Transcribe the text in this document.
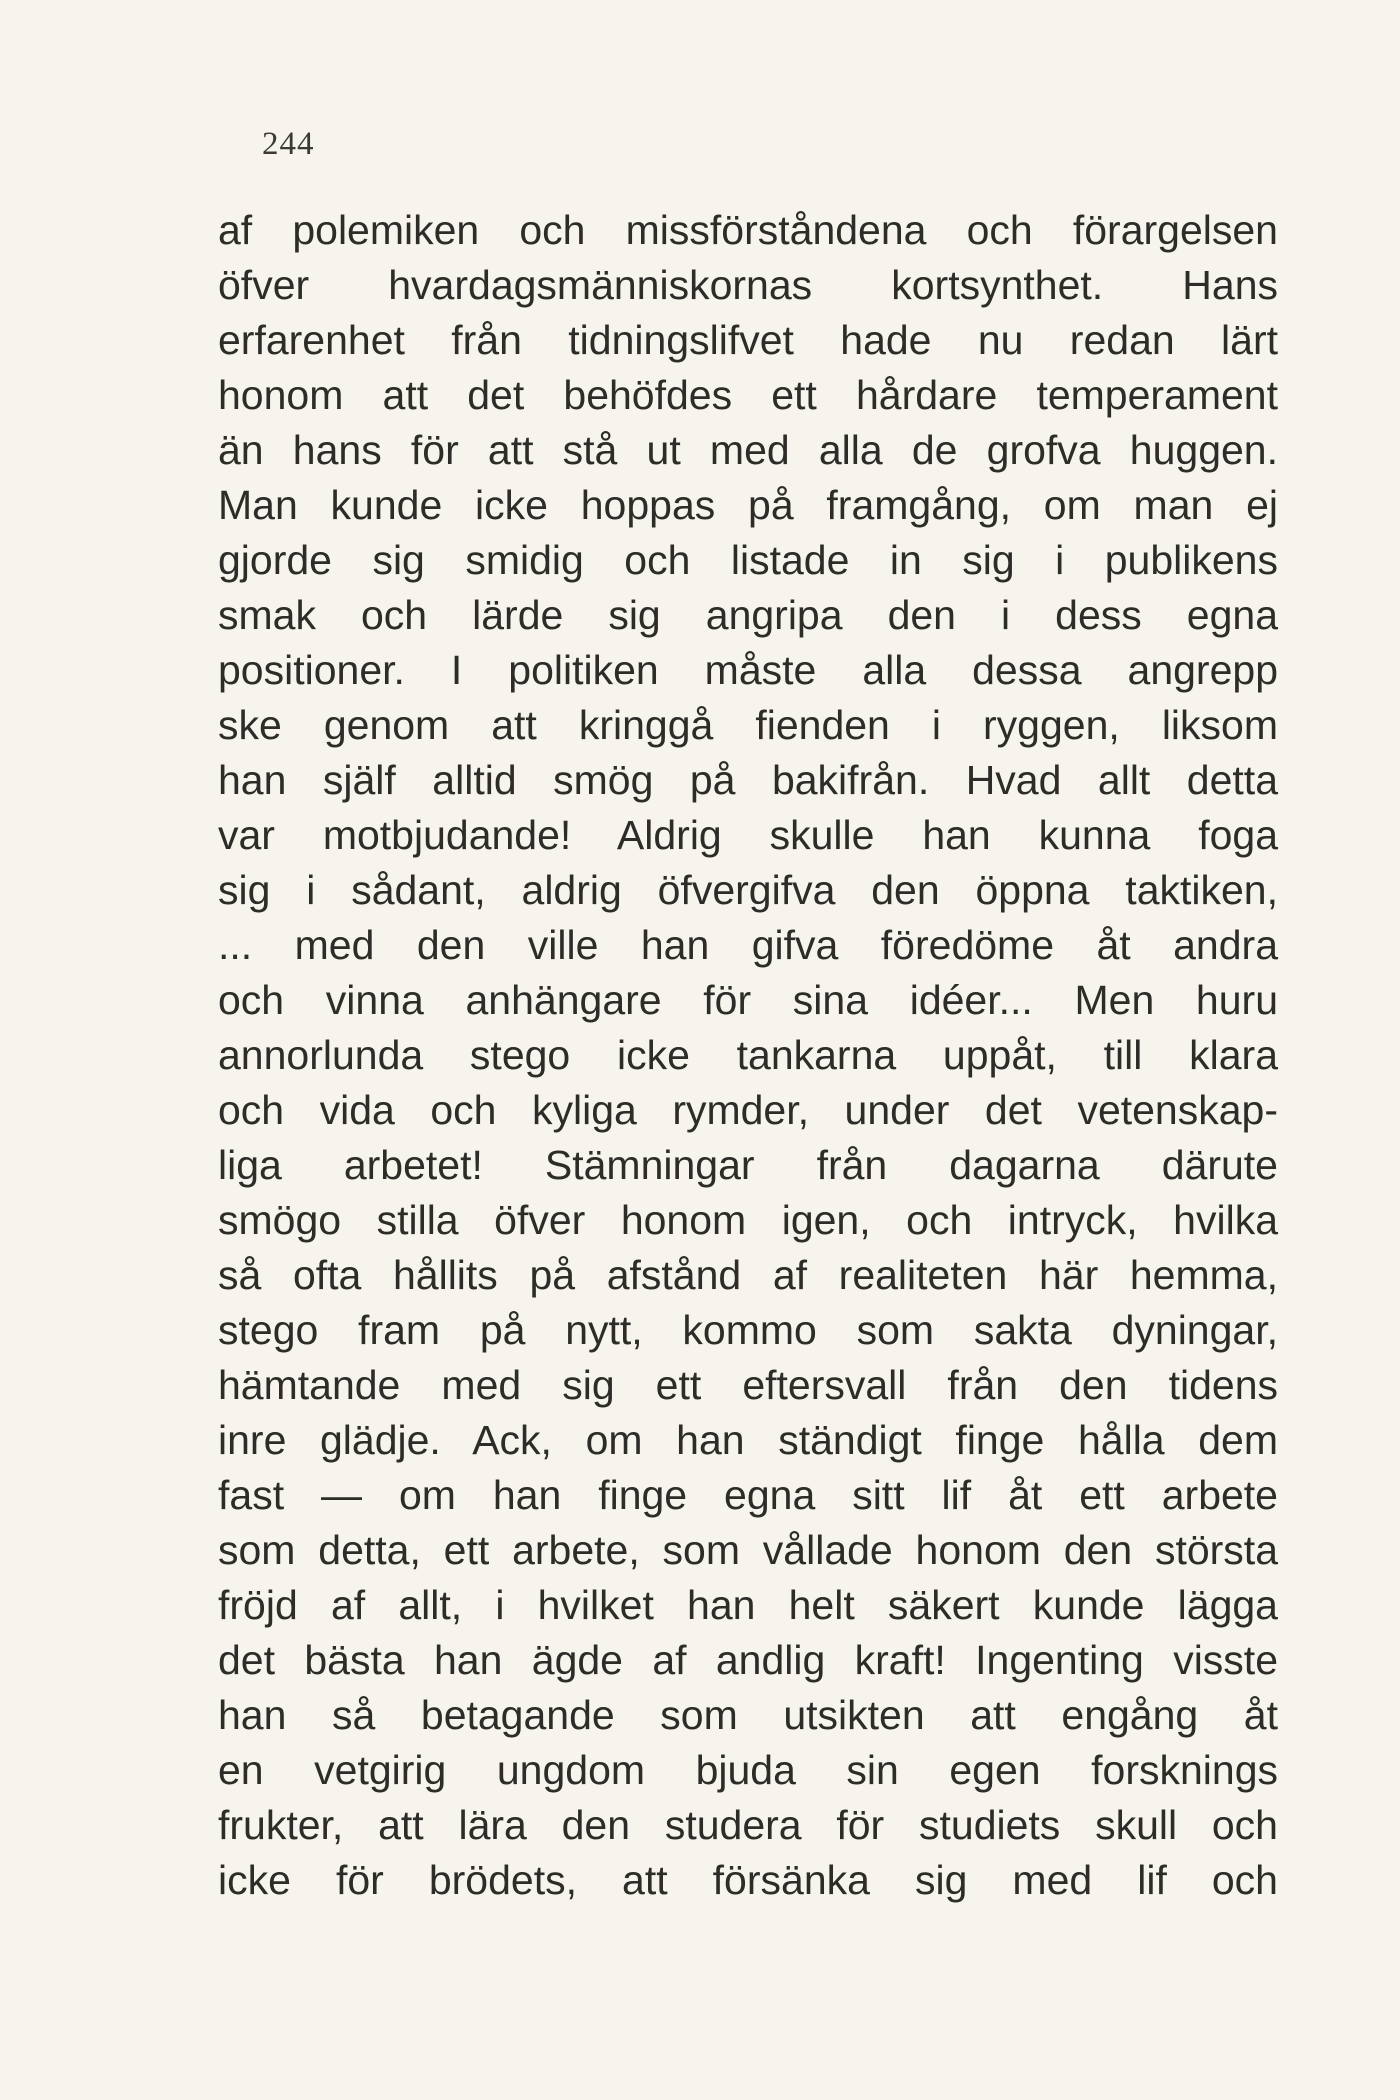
244
af polemiken och missförståndena och förargelsen
öfver hvardagsmänniskornas kortsynthet. Hans
erfarenhet från tidningslifvet hade nu redan lärt
honom att det behöfdes ett hårdare temperament
än hans för att stå ut med alla de grofva huggen.
Man kunde icke hoppas på framgång, om man ej
gjorde sig smidig och listade in sig i publikens
smak och lärde sig angripa den i dess egna
positioner. I politiken måste alla dessa angrepp
ske genom att kringgå fienden i ryggen, liksom
han själf alltid smög på bakifrån. Hvad allt detta
var motbjudande! Aldrig skulle han kunna foga
sig i sådant, aldrig öfvergifva den öppna taktiken,
... med den ville han gifva föredöme åt andra
och vinna anhängare för sina idéer... Men huru
annorlunda stego icke tankarna uppåt, till klara
och vida och kyliga rymder, under det vetenskap-
liga arbetet! Stämningar från dagarna därute
smögo stilla öfver honom igen, och intryck, hvilka
så ofta hållits på afstånd af realiteten här hemma,
stego fram på nytt, kommo som sakta dyningar,
hämtande med sig ett eftersvall från den tidens
inre glädje. Ack, om han ständigt finge hålla dem
fast — om han finge egna sitt lif åt ett arbete
som detta, ett arbete, som vållade honom den största
fröjd af allt, i hvilket han helt säkert kunde lägga
det bästa han ägde af andlig kraft! Ingenting visste
han så betagande som utsikten att engång åt
en vetgirig ungdom bjuda sin egen forsknings
frukter, att lära den studera för studiets skull och
icke för brödets, att försänka sig med lif och
